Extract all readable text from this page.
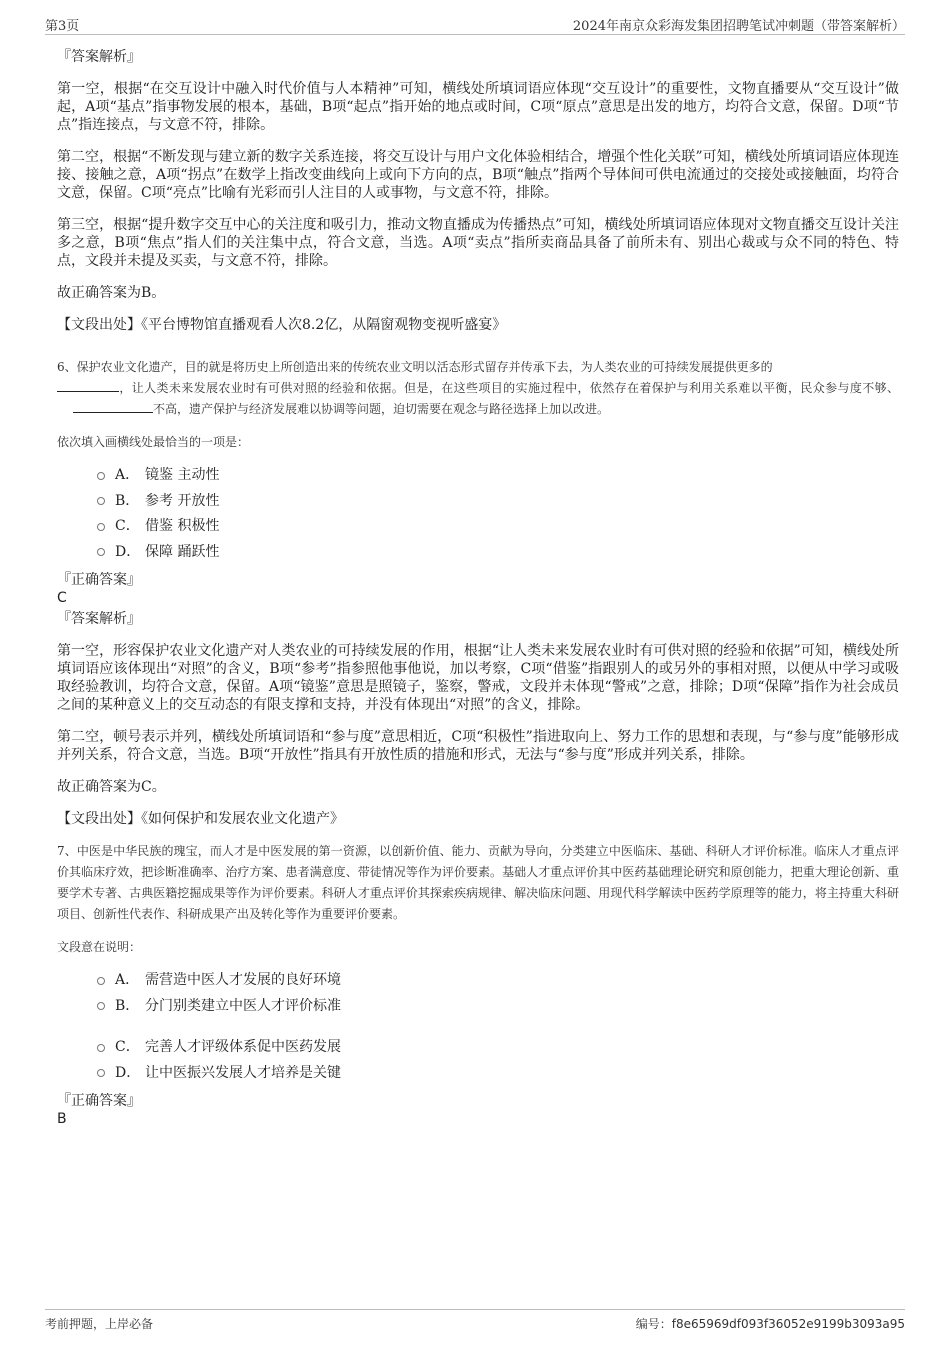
第3页	2024年南京众彩海发集团招聘笔试冲刺题（带答案解析）

『答案解析』

第一空，根据“在交互设计中融入时代价值与人本精神”可知，横线处所填词语应体现“交互设计”的重要性，文物直播要从“交互设计”做起，A项“基点”指事物发展的根本，基础，B项“起点”指开始的地点或时间，C项“原点”意思是出发的地方，均符合文意，保留。D项“节点”指连接点，与文意不符，排除。

第二空，根据“不断发现与建立新的数字关系连接，将交互设计与用户文化体验相结合，增强个性化关联”可知，横线处所填词语应体现连接、接触之意，A项“拐点”在数学上指改变曲线向上或向下方向的点，B项“触点”指两个导体间可供电流通过的交接处或接触面，均符合文意，保留。C项“亮点”比喻有光彩而引人注目的人或事物，与文意不符，排除。

第三空，根据“提升数字交互中心的关注度和吸引力，推动文物直播成为传播热点”可知，横线处所填词语应体现对文物直播交互设计关注多之意，B项“焦点”指人们的关注集中点，符合文意，当选。A项“卖点”指所卖商品具备了前所未有、别出心裁或与众不同的特色、特点，文段并未提及买卖，与文意不符，排除。

故正确答案为B。

【文段出处】《平台博物馆直播观看人次8.2亿，从隔窗观物变视听盛宴》

6、保护农业文化遗产，目的就是将历史上所创造出来的传统农业文明以活态形式留存并传承下去，为人类农业的可持续发展提供更多的
，让人类未来发展农业时有可供对照的经验和依据。但是，在这些项目的实施过程中，依然存在着保护与利用关系难以平衡，民众参与度不够、不高，遗产保护与经济发展难以协调等问题，迫切需要在观念与路径选择上加以改进。

依次填入画横线处最恰当的一项是：

A． 镜鉴 主动性
B． 参考 开放性
C． 借鉴 积极性
D． 保障 踊跃性

『正确答案』

C

『答案解析』

第一空，形容保护农业文化遗产对人类农业的可持续发展的作用，根据“让人类未来发展农业时有可供对照的经验和依据”可知，横线处所填词语应该体现出“对照”的含义，B项“参考”指参照他事他说，加以考察，C项“借鉴”指跟别人的或另外的事相对照，以便从中学习或吸取经验教训，均符合文意，保留。A项“镜鉴”意思是照镜子，鉴察，警戒，文段并未体现“警戒”之意，排除；D项“保障”指作为社会成员之间的某种意义上的交互动态的有限支撑和支持，并没有体现出“对照”的含义，排除。

第二空，顿号表示并列，横线处所填词语和“参与度”意思相近，C项“积极性”指进取向上、努力工作的思想和表现，与“参与度”能够形成并列关系，符合文意，当选。B项“开放性”指具有开放性质的措施和形式，无法与“参与度”形成并列关系，排除。

故正确答案为C。

【文段出处】《如何保护和发展农业文化遗产》

7、中医是中华民族的瑰宝，而人才是中医发展的第一资源，以创新价值、能力、贡献为导向，分类建立中医临床、基础、科研人才评价标准。临床人才重点评价其临床疗效，把诊断准确率、治疗方案、患者满意度、带徒情况等作为评价要素。基础人才重点评价其中医药基础理论研究和原创能力，把重大理论创新、重要学术专著、古典医籍挖掘成果等作为评价要素。科研人才重点评价其探索疾病规律、解决临床问题、用现代科学解读中医药学原理等的能力，将主持重大科研项目、创新性代表作、科研成果产出及转化等作为重要评价要素。

文段意在说明：

A． 需营造中医人才发展的良好环境
B． 分门别类建立中医人才评价标准
C． 完善人才评级体系促中医药发展
D． 让中医振兴发展人才培养是关键

『正确答案』

B

考前押题，上岸必备	编号：f8e65969df093f36052e9199b3093a95
